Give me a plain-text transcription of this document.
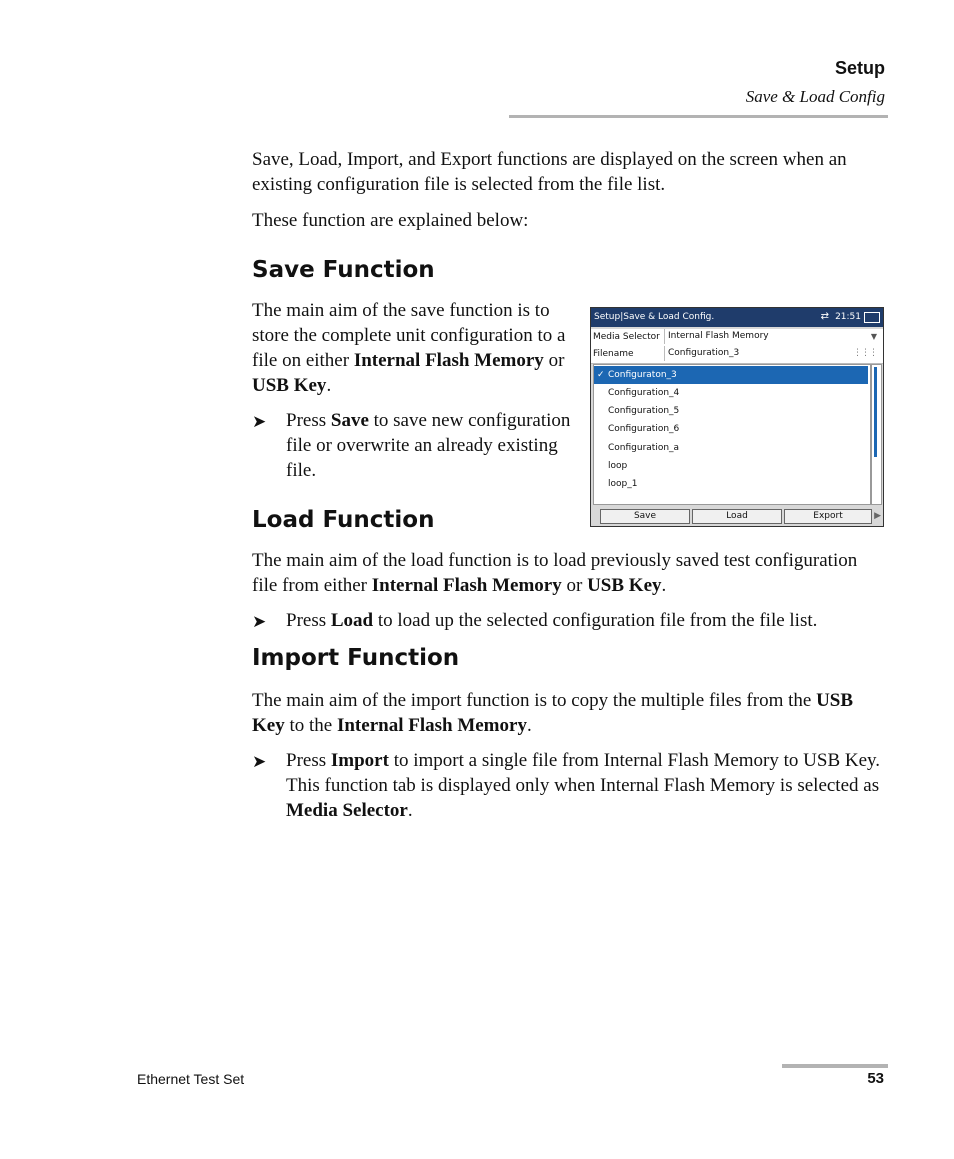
Setup
Save & Load Config

Save, Load, Import, and Export functions are displayed on the screen when an existing configuration file is selected from the file list.

These function are explained below:

Save Function

The main aim of the save function is to store the complete unit configuration to a file on either Internal Flash Memory or USB Key.

➤ Press Save to save new configuration file or overwrite an already existing file.

Setup|Save & Load Config.	⇄ 21:51
Media Selector Internal Flash Memory	▼
Filename	Configuration_3	⋮⋮⋮
✓ Configuraton_3
Configuration_4
Configuration_5
Configuration_6
Configuration_a
loop
loop_1
Save	Load	Export	▶
Load Function

The main aim of the load function is to load previously saved test configuration file from either Internal Flash Memory or USB Key.

➤ Press Load to load up the selected configuration file from the file list.

Import Function

The main aim of the import function is to copy the multiple files from the USB Key to the Internal Flash Memory.

➤ Press Import to import a single file from Internal Flash Memory to USB Key. This function tab is displayed only when Internal Flash Memory is selected as Media Selector.

Ethernet Test Set	53
